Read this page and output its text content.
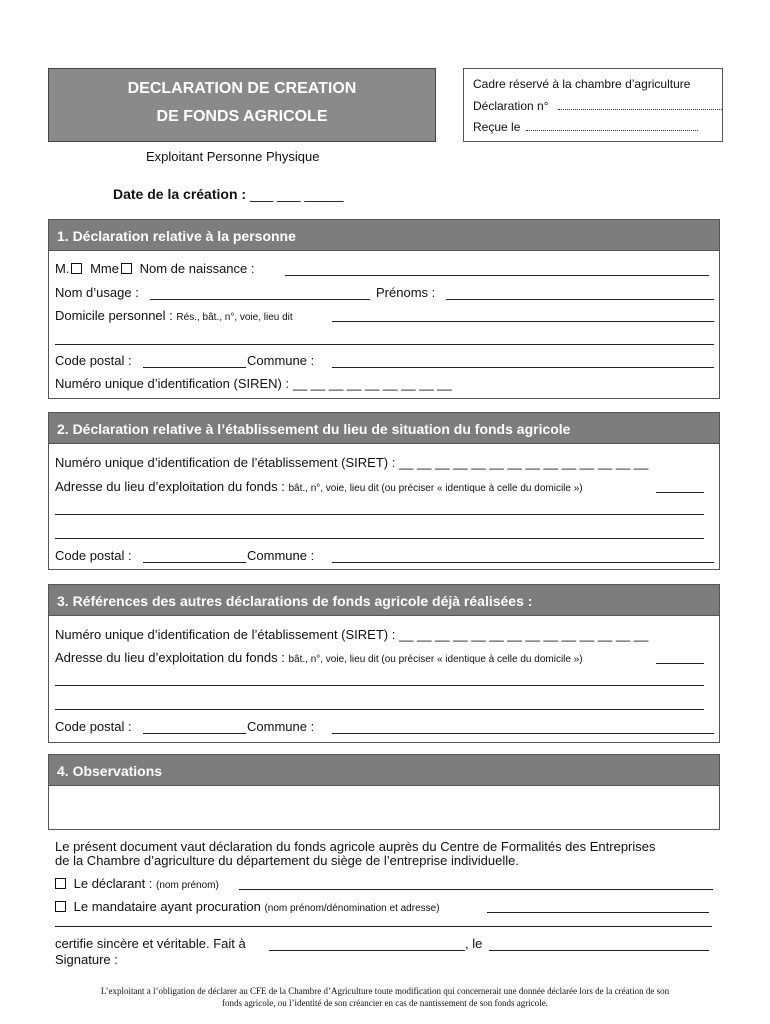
DECLARATION DE CREATION
DE FONDS AGRICOLE
Cadre réservé à la chambre d’agriculture
Déclaration n°
Reçue le
Exploitant Personne Physique
Date de la création : ___ ___ _____
1. Déclaration relative à la personne
M. Mme Nom de naissance :
Nom d’usage :	Prénoms :
Domicile personnel : Rés., bât., n°, voie, lieu dit
Code postal :	Commune :
Numéro unique d’identification (SIREN) : __ __ __ __ __ __ __ __ __
2. Déclaration relative à l’établissement du lieu de situation du fonds agricole
Numéro unique d’identification de l’établissement (SIRET) : __ __ __ __ __ __ __ __ __ __ __ __ __ __
Adresse du lieu d’exploitation du fonds : bât., n°, voie, lieu dit (ou préciser « identique à celle du domicile »)
Code postal :	Commune :
3. Références des autres déclarations de fonds agricole déjà réalisées :
Numéro unique d’identification de l’établissement (SIRET) : __ __ __ __ __ __ __ __ __ __ __ __ __ __
Adresse du lieu d’exploitation du fonds : bât., n°, voie, lieu dit (ou préciser « identique à celle du domicile »)
Code postal :	Commune :
4. Observations
Le présent document vaut déclaration du fonds agricole auprès du Centre de Formalités des Entreprises
de la Chambre d’agriculture du département du siège de l’entreprise individuelle.
Le déclarant : (nom prénom)
Le mandataire ayant procuration (nom prénom/dénomination et adresse)
certifie sincère et véritable. Fait à	, le
Signature :
L’exploitant a l’obligation de déclarer au CFE de la Chambre d’Agriculture toute modification qui concernerait une donnée déclarée lors de la création de son
fonds agricole, ou l’identité de son créancier en cas de nantissement de son fonds agricole.
